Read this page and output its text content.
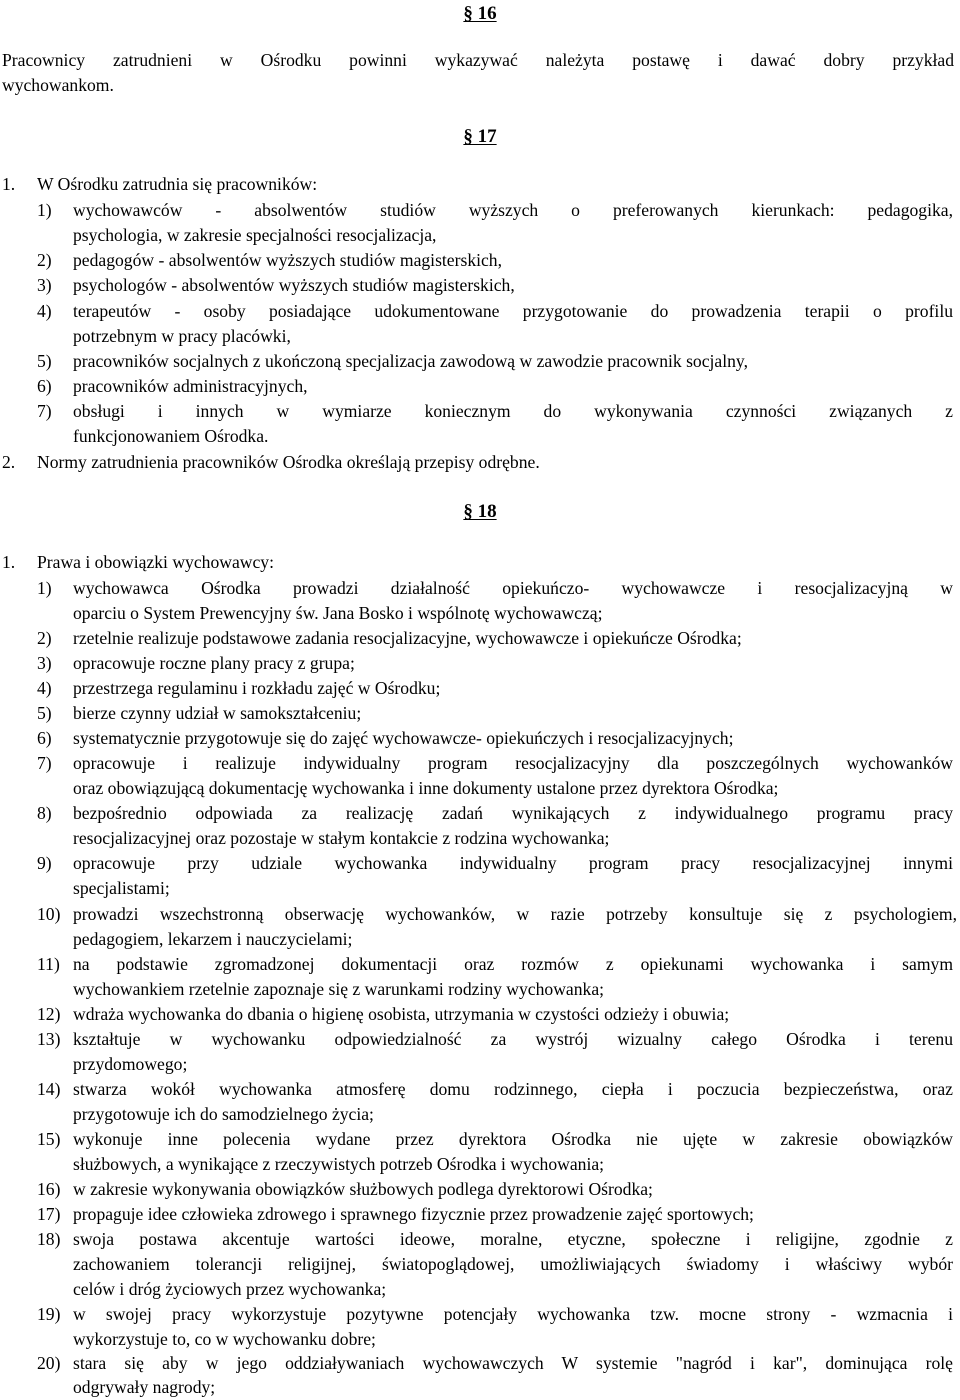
§ 16
Pracownicy zatrudnieni w Ośrodku powinni wykazywać należyta postawę i dawać dobry przykład
wychowankom.
§ 17
1. W Ośrodku zatrudnia się pracowników:
1) wychowawców - absolwentów studiów wyższych o preferowanych kierunkach: pedagogika,
psychologia, w zakresie specjalności resocjalizacja,
2) pedagogów - absolwentów wyższych studiów magisterskich,
3) psychologów - absolwentów wyższych studiów magisterskich,
4) terapeutów - osoby posiadające udokumentowane przygotowanie do prowadzenia terapii o profilu
potrzebnym w pracy placówki,
5) pracowników socjalnych z ukończoną specjalizacja zawodową w zawodzie pracownik socjalny,
6) pracowników administracyjnych,
7) obsługi i innych w wymiarze koniecznym do wykonywania czynności związanych z
funkcjonowaniem Ośrodka.
2. Normy zatrudnienia pracowników Ośrodka określają przepisy odrębne.
§ 18
1. Prawa i obowiązki wychowawcy:
1) wychowawca Ośrodka prowadzi działalność opiekuńczo- wychowawcze i resocjalizacyjną w
oparciu o System Prewencyjny św. Jana Bosko i wspólnotę wychowawczą;
2) rzetelnie realizuje podstawowe zadania resocjalizacyjne, wychowawcze i opiekuńcze Ośrodka;
3) opracowuje roczne plany pracy z grupa;
4) przestrzega regulaminu i rozkładu zajęć w Ośrodku;
5) bierze czynny udział w samokształceniu;
6) systematycznie przygotowuje się do zajęć wychowawcze- opiekuńczych i resocjalizacyjnych;
7) opracowuje i realizuje indywidualny program resocjalizacyjny dla poszczególnych wychowanków
oraz obowiązującą dokumentację wychowanka i inne dokumenty ustalone przez dyrektora Ośrodka;
8) bezpośrednio odpowiada za realizację zadań wynikających z indywidualnego programu pracy
resocjalizacyjnej oraz pozostaje w stałym kontakcie z rodzina wychowanka;
9) opracowuje przy udziale wychowanka indywidualny program pracy resocjalizacyjnej innymi
specjalistami;
10) prowadzi wszechstronną obserwację wychowanków, w razie potrzeby konsultuje się z psychologiem,
pedagogiem, lekarzem i nauczycielami;
11) na podstawie zgromadzonej dokumentacji oraz rozmów z opiekunami wychowanka i samym
wychowankiem rzetelnie zapoznaje się z warunkami rodziny wychowanka;
12) wdraża wychowanka do dbania o higienę osobista, utrzymania w czystości odzieży i obuwia;
13) kształtuje w wychowanku odpowiedzialność za wystrój wizualny całego Ośrodka i terenu
przydomowego;
14) stwarza wokół wychowanka atmosferę domu rodzinnego, ciepła i poczucia bezpieczeństwa, oraz
przygotowuje ich do samodzielnego życia;
15) wykonuje inne polecenia wydane przez dyrektora Ośrodka nie ujęte w zakresie obowiązków
służbowych, a wynikające z rzeczywistych potrzeb Ośrodka i wychowania;
16) w zakresie wykonywania obowiązków służbowych podlega dyrektorowi Ośrodka;
17) propaguje idee człowieka zdrowego i sprawnego fizycznie przez prowadzenie zajęć sportowych;
18) swoja postawa akcentuje wartości ideowe, moralne, etyczne, społeczne i religijne, zgodnie z
zachowaniem tolerancji religijnej, światopoglądowej, umożliwiających świadomy i właściwy wybór
celów i dróg życiowych przez wychowanka;
19) w swojej pracy wykorzystuje pozytywne potencjały wychowanka tzw. mocne strony - wzmacnia i
wykorzystuje to, co w wychowanku dobre;
20) stara się aby w jego oddziaływaniach wychowawczych W systemie "nagród i kar", dominująca rolę
odgrywały nagrody;
